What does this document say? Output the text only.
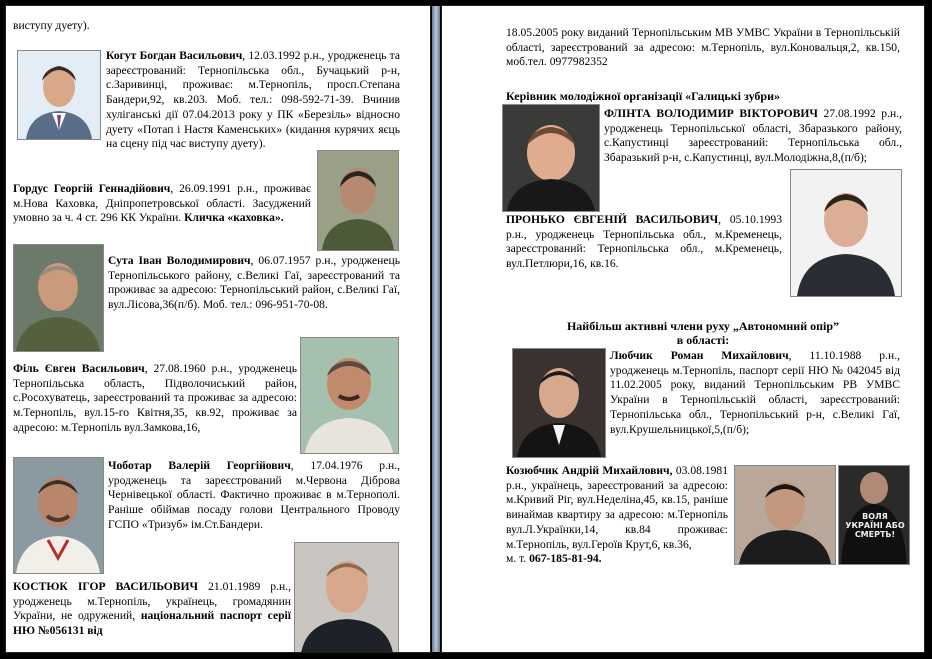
виступу дуету).
Когут Богдан Васильович, 12.03.1992 р.н., уродженець та зареєстрований: Тернопільська обл., Бучацький р-н, с.Заривинці, проживає: м.Тернопіль, просп.Степана Бандери,92, кв.203. Моб. тел.: 098-592-71-39. Вчинив хуліганські дії 07.04.2013 року у ПК «Березіль» відносно дуету «Потап і Настя Каменських» (кидання курячих яєць на сцену під час виступу дуету).
Гордус Георгій Геннадійович, 26.09.1991 р.н., проживає м.Нова Каховка, Дніпропетровської області. Засуджений умовно за ч. 4 ст. 296 КК України. Кличка «каховка».
Сута Іван Володимирович, 06.07.1957 р.н., уродженець Тернопільського району, с.Великі Гаї, зареєстрований та проживає за адресою: Тернопільський район, с.Великі Гаї, вул.Лісова,36(п/б). Моб. тел.: 096-951-70-08.
Філь Євген Васильович, 27.08.1960 р.н., уродженець Тернопільська область, Підволочиський район, с.Росохуватець, зареєстрований та проживає за адресою: м.Тернопіль, вул.15-го Квітня,35, кв.92, проживає за адресою: м.Тернопіль вул.Замкова,16,
Чоботар Валерій Георгійович, 17.04.1976 р.н., уродженець та зареєстрований м.Червона Діброва Чернівецької області. Фактично проживає в м.Тернополі. Раніше обіймав посаду голови Центрального Проводу ГСПО «Тризуб» ім.Ст.Бандери.
КОСТЮК ІГОР ВАСИЛЬОВИЧ 21.01.1989 р.н., уродженець м.Тернопіль, українець, громадянин України, не одружений, національний паспорт серії НЮ №056131 від
18.05.2005 року виданий Тернопільським МВ УМВС України в Тернопільській області, зареєстрований за адресою: м.Тернопіль, вул.Коновальця,2, кв.150, моб.тел. 0977982352
Керівник молодіжної організації «Галицькі зубри»
ФЛІНТА ВОЛОДИМИР ВІКТОРОВИЧ 27.08.1992 р.н., уродженець Тернопільської області, Збаразького району, с.Капустинці зареєстрований: Тернопільська обл., Збаразький р-н, с.Капустинці, вул.Молодіжна,8,(п/б);
ПРОНЬКО ЄВГЕНІЙ ВАСИЛЬОВИЧ, 05.10.1993 р.н., уродженець Тернопільська обл., м.Кременець, зареєстрований: Тернопільська обл., м.Кременець, вул.Петлюри,16, кв.16.
Найбільш активні члени руху „Автономний опір”
в області:
Любчик Роман Михайлович, 11.10.1988 р.н., уродженець м.Тернопіль, паспорт серії НЮ № 042045 від 11.02.2005 року, виданий Тернопільським РВ УМВС України в Тернопільській області, зареєстрований: Тернопільська обл., Тернопільський р-н, с.Великі Гаї, вул.Крушельницької,5,(п/б);
ВОЛЯ УКРАЇНІ АБО СМЕРТЬ!
Козюбчик Андрій Михайлович, 03.08.1981 р.н., українець, зареєстрований за адресою: м.Кривий Ріг, вул.Неделіна,45, кв.15, раніше винаймав квартиру за адресою: м.Тернопіль вул.Л.Українки,14, кв.84 проживає: м.Тернопіль, вул.Героїв Крут,6, кв.36,
м. т. 067-185-81-94.
